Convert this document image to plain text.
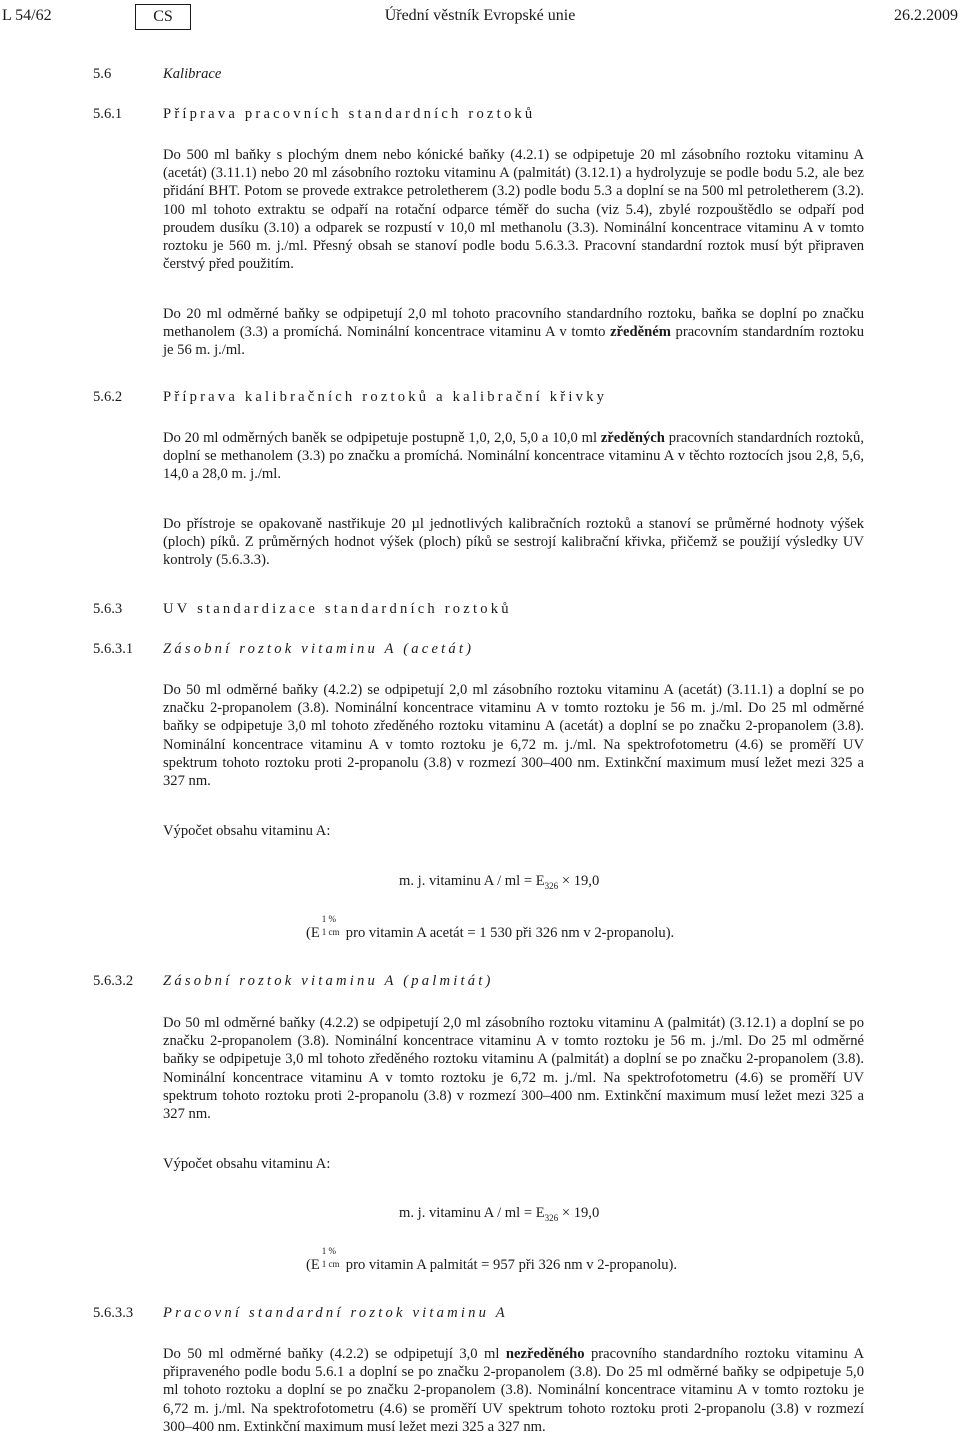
L 54/62	CS	Úřední věstník Evropské unie	26.2.2009
5.6	Kalibrace
5.6.1	Příprava pracovních standardních roztoků
Do 500 ml baňky s plochým dnem nebo kónické baňky (4.2.1) se odpipetuje 20 ml zásobního roztoku vitaminu A (acetát) (3.11.1) nebo 20 ml zásobního roztoku vitaminu A (palmitát) (3.12.1) a hydrolyzuje se podle bodu 5.2, ale bez přidání BHT. Potom se provede extrakce petroletherem (3.2) podle bodu 5.3 a doplní se na 500 ml petroletherem (3.2). 100 ml tohoto extraktu se odpaří na rotační odparce téměř do sucha (viz 5.4), zbylé rozpouštědlo se odpaří pod proudem dusíku (3.10) a odparek se rozpustí v 10,0 ml methanolu (3.3). Nominální koncentrace vitaminu A v tomto roztoku je 560 m. j./ml. Přesný obsah se stanoví podle bodu 5.6.3.3. Pracovní standardní roztok musí být připraven čerstvý před použitím.
Do 20 ml odměrné baňky se odpipetují 2,0 ml tohoto pracovního standardního roztoku, baňka se doplní po značku methanolem (3.3) a promíchá. Nominální koncentrace vitaminu A v tomto zředěném pracovním standardním roztoku je 56 m. j./ml.
5.6.2	Příprava kalibračních roztoků a kalibrační křivky
Do 20 ml odměrných baněk se odpipetuje postupně 1,0, 2,0, 5,0 a 10,0 ml zředěných pracovních standardních roztoků, doplní se methanolem (3.3) po značku a promíchá. Nominální koncentrace vitaminu A v těchto roztocích jsou 2,8, 5,6, 14,0 a 28,0 m. j./ml.
Do přístroje se opakovaně nastřikuje 20 µl jednotlivých kalibračních roztoků a stanoví se průměrné hodnoty výšek (ploch) píků. Z průměrných hodnot výšek (ploch) píků se sestrojí kalibrační křivka, přičemž se použijí výsledky UV kontroly (5.6.3.3).
5.6.3	UV standardizace standardních roztoků
5.6.3.1 Zásobní roztok vitaminu A (acetát)
Do 50 ml odměrné baňky (4.2.2) se odpipetují 2,0 ml zásobního roztoku vitaminu A (acetát) (3.11.1) a doplní se po značku 2-propanolem (3.8). Nominální koncentrace vitaminu A v tomto roztoku je 56 m. j./ml. Do 25 ml odměrné baňky se odpipetuje 3,0 ml tohoto zředěného roztoku vitaminu A (acetát) a doplní se po značku 2-propanolem (3.8). Nominální koncentrace vitaminu A v tomto roztoku je 6,72 m. j./ml. Na spektrofotometru (4.6) se proměří UV spektrum tohoto roztoku proti 2-propanolu (3.8) v rozmezí 300–400 nm. Extinkční maximum musí ležet mezi 325 a 327 nm.
Výpočet obsahu vitaminu A:
m. j. vitaminu A / ml = $E_{326} \times 19,0$
(E
1 %
1 cm pro vitamin A acetát = 1 530 při 326 nm v 2-propanolu).
5.6.3.2 Zásobní roztok vitaminu A (palmitát)
Do 50 ml odměrné baňky (4.2.2) se odpipetují 2,0 ml zásobního roztoku vitaminu A (palmitát) (3.12.1) a doplní se po značku 2-propanolem (3.8). Nominální koncentrace vitaminu A v tomto roztoku je 56 m. j./ml. Do 25 ml odměrné baňky se odpipetuje 3,0 ml tohoto zředěného roztoku vitaminu A (palmitát) a doplní se po značku 2-propanolem (3.8). Nominální koncentrace vitaminu A v tomto roztoku je 6,72 m. j./ml. Na spektrofotometru (4.6) se proměří UV spektrum tohoto roztoku proti 2-propanolu (3.8) v rozmezí 300–400 nm. Extinkční maximum musí ležet mezi 325 a 327 nm.
Výpočet obsahu vitaminu A:
m. j. vitaminu A / ml = $E_{326} \times 19,0$
(E
1 %
1 cm pro vitamin A palmitát = 957 při 326 nm v 2-propanolu).
5.6.3.3 Pracovní standardní roztok vitaminu A
Do 50 ml odměrné baňky (4.2.2) se odpipetují 3,0 ml nezředěného pracovního standardního roztoku vitaminu A připraveného podle bodu 5.6.1 a doplní se po značku 2-propanolem (3.8). Do 25 ml odměrné baňky se odpipetuje 5,0 ml tohoto roztoku a doplní se po značku 2-propanolem (3.8). Nominální koncentrace vitaminu A v tomto roztoku je 6,72 m. j./ml. Na spektrofotometru (4.6) se proměří UV spektrum tohoto roztoku proti 2-propanolu (3.8) v rozmezí 300–400 nm. Extinkční maximum musí ležet mezi 325 a 327 nm.
